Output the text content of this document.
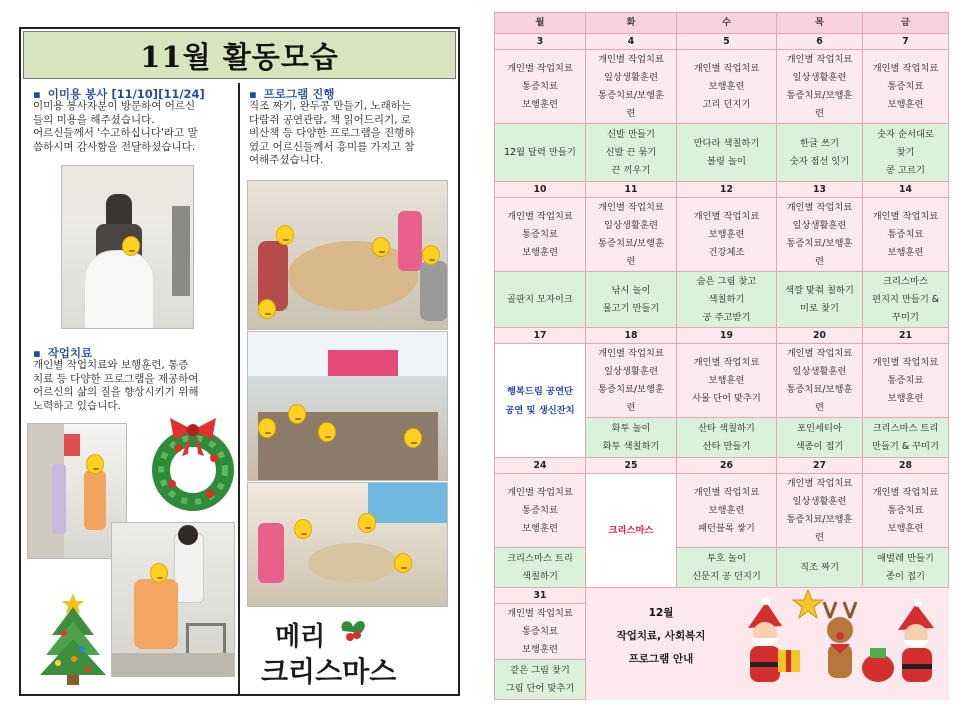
11월 활동모습
▪ 이미용 봉사 [11/10][11/24]
이미용 봉사자분이 방문하여 어르신
들의 미용을 해주셨습니다.
어르신들께서 '수고하십니다'라고 말
씀하시며 감사함을 전달하셨습니다.
▪ 작업치료
개인별 작업치료와 보행훈련, 통증
치료 등 다양한 프로그램을 제공하여
어르신의 삶의 질을 향상시키기 위해
노력하고 있습니다.
▪ 프로그램 진행
직조 짜기, 완두콩 만들기, 노래하는
다람쥐 공연관람, 책 읽어드리기, 로
비산책 등 다양한 프로그램을 진행하
였고 어르신들께서 흥미를 가지고 참
여해주셨습니다.
메리
크리스마스
월	화	수	목	금
3	4	5	6	7

개인별 작업치료
통증치료
보행훈련	개인별 작업치료
일상생활훈련
통증치료/보행훈
련	개인별 작업치료
보행훈련
고리 던지기	개인별 작업치료
일상생활훈련
통증치료/보행훈
련	개인별 작업치료
통증치료
보행훈련

12월 달력 만들기	신발 만들기
신발 끈 묶기
끈 끼우기	만다라 색칠하기
볼링 놀이	한글 쓰기
숫자 점선 잇기	숫자 순서대로
찾기
콩 고르기

10	11	12	13	14

개인별 작업치료
통증치료
보행훈련	개인별 작업치료
일상생활훈련
통증치료/보행훈
련	개인별 작업치료
보행훈련
건강체조	개인별 작업치료
일상생활훈련
통증치료/보행훈
련	개인별 작업치료
통증치료
보행훈련

골판지 모자이크	낚시 놀이
물고기 만들기	숨은 그림 찾고
색칠하기
공 주고받기	색깔 맞춰 칠하기
미로 찾기	크리스마스
편지지 만들기 &
꾸미기

17	18	19	20	21

행복드림 공연단
공연 및 생신잔치	개인별 작업치료
일상생활훈련
통증치료/보행훈
련	개인별 작업치료
보행훈련
사물 단어 맞추기	개인별 작업치료
일상생활훈련
통증치료/보행훈
련	개인별 작업치료
통증치료
보행훈련

	화투 놀이
화투 색칠하기	산타 색칠하기
산타 만들기	포인세티아
색종이 접기	크리스마스 트리
만들기 & 꾸미기

24	25	26	27	28

개인별 작업치료
통증치료
보행훈련	크리스마스	개인별 작업치료
보행훈련
패턴블록 쌓기	개인별 작업치료
일상생활훈련
통증치료/보행훈
련	개인별 작업치료
통증치료
보행훈련

크리스마스 트리
색칠하기		투호 놀이
신문지 공 던지기	직조 짜기	애벌레 만들기
종이 접기

31	12월
작업치료, 사회복지
프로그램 안내			

개인별 작업치료
통증치료
보행훈련				

같은 그림 찾기
그림 단어 맞추기				
